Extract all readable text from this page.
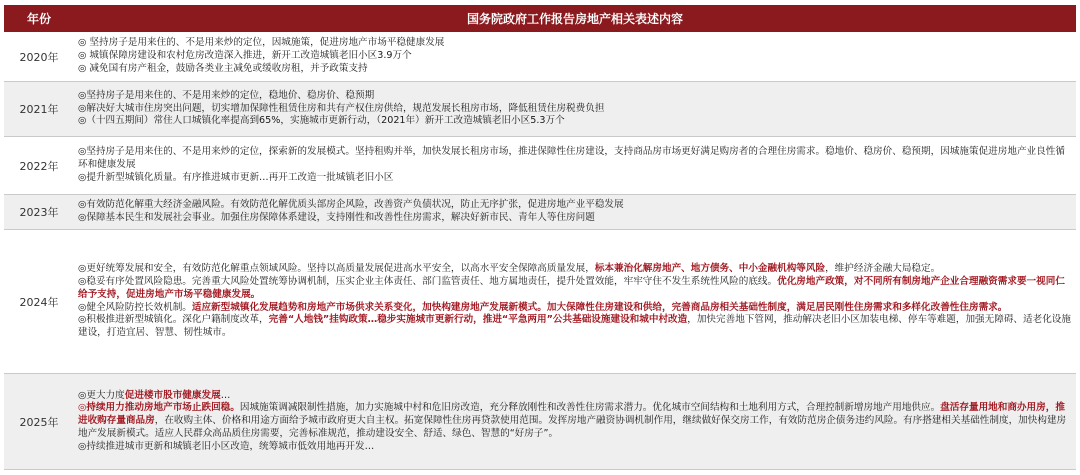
年份	国务院政府工作报告房地产相关表述内容
2020年

◎ 坚持房子是用来住的、不是用来炒的定位，因城施策，促进房地产市场平稳健康发展

◎ 城镇保障房建设和农村危房改造深入推进，新开工改造城镇老旧小区3.9万个

◎ 减免国有房产租金，鼓励各类业主减免或缓收房租，并予政策支持

2021年

◎坚持房子是用来住的、不是用来炒的定位，稳地价、稳房价、稳预期

◎解决好大城市住房突出问题，切实增加保障性租赁住房和共有产权住房供给，规范发展长租房市场，降低租赁住房税费负担

◎（十四五期间）常住人口城镇化率提高到65%，实施城市更新行动，（2021年）新开工改造城镇老旧小区5.3万个

2022年

◎坚持房子是用来住的、不是用来炒的定位，探索新的发展模式。坚持租购并举，加快发展长租房市场，推进保障性住房建设，支持商品房市场更好满足购房者的合理住房需求。稳地价、稳房价、稳预期，因城施策促进房地产业良性循环和健康发展

◎提升新型城镇化质量。有序推进城市更新…再开工改造一批城镇老旧小区

2023年

◎有效防范化解重大经济金融风险。有效防范化解优质头部房企风险，改善资产负债状况，防止无序扩张，促进房地产业平稳发展

◎保障基本民生和发展社会事业。加强住房保障体系建设，支持刚性和改善性住房需求，解决好新市民、青年人等住房问题

2024年

◎更好统筹发展和安全，有效防范化解重点领域风险。坚持以高质量发展促进高水平安全，以高水平安全保障高质量发展，标本兼治化解房地产、地方债务、中小金融机构等风险，维护经济金融大局稳定。

◎稳妥有序处置风险隐患。完善重大风险处置统筹协调机制，压实企业主体责任、部门监管责任、地方属地责任，提升处置效能，牢牢守住不发生系统性风险的底线。优化房地产政策，对不同所有制房地产企业合理融资需求要一视同仁给予支持，促进房地产市场平稳健康发展。

◎健全风险防控长效机制。适应新型城镇化发展趋势和房地产市场供求关系变化，加快构建房地产发展新模式。加大保障性住房建设和供给，完善商品房相关基础性制度，满足居民刚性住房需求和多样化改善性住房需求。

◎积极推进新型城镇化。深化户籍制度改革，完善“人地钱”挂钩政策…稳步实施城市更新行动，推进“平急两用”公共基础设施建设和城中村改造，加快完善地下管网，推动解决老旧小区加装电梯、停车等难题，加强无障碍、适老化设施建设，打造宜居、智慧、韧性城市。

2025年

◎更大力度促进楼市股市健康发展…

◎持续用力推动房地产市场止跌回稳。因城施策调减限制性措施，加力实施城中村和危旧房改造，充分释放刚性和改善性住房需求潜力。优化城市空间结构和土地利用方式，合理控制新增房地产用地供应。盘活存量用地和商办用房，推进收购存量商品房，在收购主体、价格和用途方面给予城市政府更大自主权。拓宽保障性住房再贷款使用范围。发挥房地产融资协调机制作用，继续做好保交房工作，有效防范房企债务违约风险。有序搭建相关基础性制度，加快构建房地产发展新模式。适应人民群众高品质住房需要，完善标准规范，推动建设安全、舒适、绿色、智慧的“好房子”。

◎持续推进城市更新和城镇老旧小区改造，统筹城市低效用地再开发…
